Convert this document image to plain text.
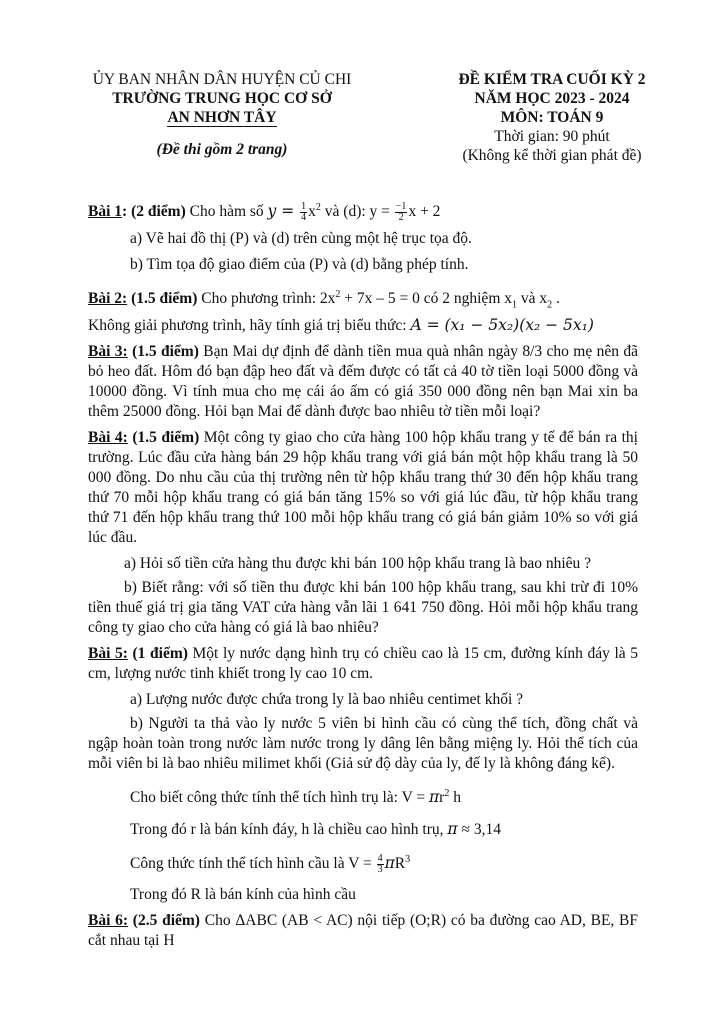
ỦY BAN NHÂN DÂN HUYỆN CỦ CHI
TRƯỜNG TRUNG HỌC CƠ SỞ
AN NHƠN TÂY
(Đề thi gồm 2 trang)
ĐỀ KIỂM TRA CUỐI KỲ 2
NĂM HỌC 2023 - 2024
MÔN: TOÁN 9
Thời gian: 90 phút
(Không kể thời gian phát đề)

Bài 1: (2 điểm) Cho hàm số $y = \frac{1}{4} x^2$ và (d): $y = \frac{-1}{2}$ x + 2

a) Vẽ hai đồ thị (P) và (d) trên cùng một hệ trục tọa độ.

b) Tìm tọa độ giao điểm của (P) và (d) bằng phép tính.

Bài 2: (1.5 điểm) Cho phương trình: $2x^2 + 7x - 5 = 0$ có 2 nghiệm $x_1$ và $x_2$ .
Không giải phương trình, hãy tính giá trị biểu thức: A = (x₁ − 5x₂)(x₂ − 5x₁)

Bài 3: (1.5 điểm) Bạn Mai dự định để dành tiền mua quà nhân ngày 8/3 cho mẹ nên đã bỏ heo đất. Hôm đó bạn đập heo đất và đếm được có tất cả 40 tờ tiền loại 5000 đồng và 10000 đồng. Vì tính mua cho mẹ cái áo ấm có giá 350 000 đồng nên bạn Mai xin ba thêm 25000 đồng. Hỏi bạn Mai để dành được bao nhiêu tờ tiền mỗi loại?

Bài 4: (1.5 điểm) Một công ty giao cho cửa hàng 100 hộp khẩu trang y tế để bán ra thị trường. Lúc đầu cửa hàng bán 29 hộp khẩu trang với giá bán một hộp khẩu trang là 50 000 đồng. Do nhu cầu của thị trường nên từ hộp khẩu trang thứ 30 đến hộp khẩu trang thứ 70 mỗi hộp khẩu trang có giá bán tăng 15% so với giá lúc đầu, từ hộp khẩu trang thứ 71 đến hộp khẩu trang thứ 100 mỗi hộp khẩu trang có giá bán giảm 10% so với giá lúc đầu.

a) Hỏi số tiền cửa hàng thu được khi bán 100 hộp khẩu trang là bao nhiêu ?

b) Biết rằng: với số tiền thu được khi bán 100 hộp khẩu trang, sau khi trừ đi 10% tiền thuế giá trị gia tăng VAT cửa hàng vẫn lãi 1 641 750 đồng. Hỏi mỗi hộp khẩu trang công ty giao cho cửa hàng có giá là bao nhiêu?

Bài 5: (1 điểm) Một ly nước dạng hình trụ có chiều cao là 15 cm, đường kính đáy là 5 cm, lượng nước tinh khiết trong ly cao 10 cm.

a) Lượng nước được chứa trong ly là bao nhiêu centimet khối ?

b) Người ta thả vào ly nước 5 viên bi hình cầu có cùng thể tích, đồng chất và ngập hoàn toàn trong nước làm nước trong ly dâng lên bằng miệng ly. Hỏi thể tích của mỗi viên bi là bao nhiêu milimet khối (Giả sử độ dày của ly, đế ly là không đáng kể).

Cho biết công thức tính thể tích hình trụ là: $V = \pi r^2$ h

Trong đó r là bán kính đáy, h là chiều cao hình trụ, π ≈ 3,14

Công thức tính thể tích hình cầu là $V = \frac{4}{3} \pi R^3$

Trong đó R là bán kính của hình cầu

Bài 6: (2.5 điểm) Cho ΔABC (AB < AC) nội tiếp (O;R) có ba đường cao AD, BE, BF cắt nhau tại H
